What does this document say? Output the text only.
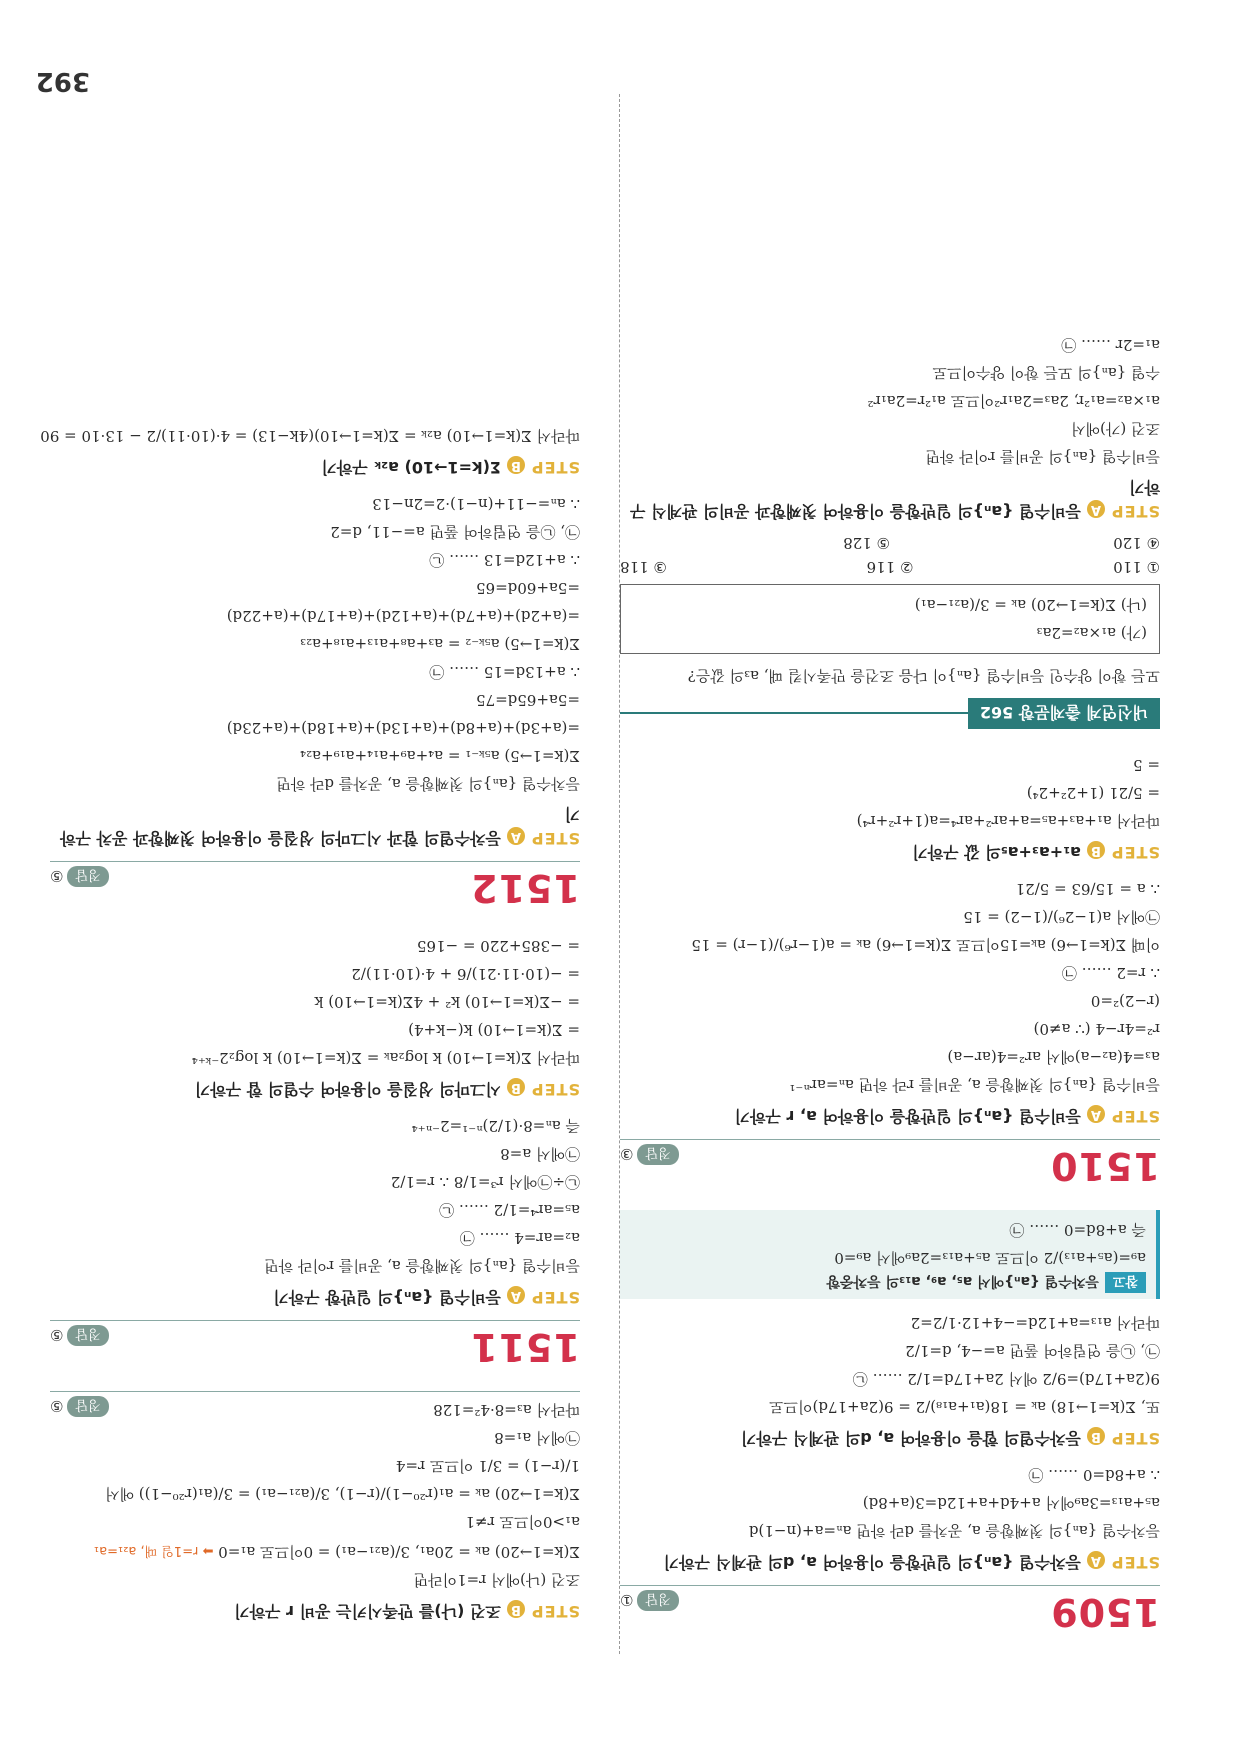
392
1509
정답①
STEPA등차수열 {aₙ}의 일반항을 이용하여 a, d의 관계식 구하기
등차수열 {aₙ}의 첫째항을 a, 공차를 d라 하면 aₙ=a+(n−1)d
a₅+a₁₃=3a₉에서 a+4d+a+12d=3(a+8d)
∴ a+8d=0 …… ㉠
STEPB등차수열의 합을 이용하여 a, d의 관계식 구하기
또, Σ(k=1→18) aₖ = 18(a₁+a₁₈)/2 = 9(2a+17d)이므로
9(2a+17d)=9/2 에서 2a+17d=1/2 …… ㉡
㉠, ㉡을 연립하여 풀면 a=−4, d=1/2
따라서 a₁₃=a+12d=−4+12·1/2=2
참고등차수열 {aₙ}에서 a₅, a₉, a₁₃의 등차중항
a₉=(a₅+a₁₃)/2 이므로 a₅+a₁₃=2a₉에서 a₉=0
즉 a+8d=0 …… ㉠
1510
정답③
STEPA등비수열 {aₙ}의 일반항을 이용하여 a, r 구하기
등비수열 {aₙ}의 첫째항을 a, 공비를 r라 하면 aₙ=arⁿ⁻¹
a₃=4(a₂−a)에서 ar²=4(ar−a)
r²=4r−4 (∵ a≠0)
(r−2)²=0
∴ r=2 …… ㉠
이때 Σ(k=1→6) aₖ=15이므로 Σ(k=1→6) aₖ = a(1−r⁶)/(1−r) = 15
㉠에서 a(1−2⁶)/(1−2) = 15
∴ a = 15/63 = 5/21
STEPBa₁+a₃+a₅의 값 구하기
따라서 a₁+a₃+a₅=a+ar²+ar⁴=a(1+r²+r⁴)
= 5/21 (1+2²+2⁴)
= 5
내신연계 출제문항 562
모든 항이 양수인 등비수열 {aₙ}이 다음 조건을 만족시킬 때, a₃의 값은?
(가) a₁×a₂=2a₃
(나) Σ(k=1→20) aₖ = 3/(a₂₁−a₁)
① 110
② 116
③ 118
④ 120
⑤ 128
STEPA등비수열 {aₙ}의 일반항을 이용하여 첫째항과 공비의 관계식 구하기
등비수열 {aₙ}의 공비를 r이라 하면
조건 (가)에서
a₁×a₂=a₁²r, 2a₃=2a₁r²이므로 a₁²r=2a₁r²
수열 {aₙ}의 모든 항이 양수이므로
a₁=2r …… ㉠
STEPB조건 (나)를 만족시키는 공비 r 구하기
조건 (나)에서 r=1이라면
Σ(k=1→20) aₖ = 20a₁, 3/(a₂₁−a₁) = 0이므로 a₁=0 ➡ r=1일 때, a₂₁=a₁
a₁>0이므로 r≠1
Σ(k=1→20) aₖ = a₁(r²⁰−1)/(r−1), 3/(a₂₁−a₁) = 3/(a₁(r²⁰−1)) 에서
1/(r−1) = 3/1 이므로 r=4
㉠에서 a₁=8
따라서 a₃=8·4²=128
정답⑤
1511
정답⑤
STEPA등비수열 {aₙ}의 일반항 구하기
등비수열 {aₙ}의 첫째항을 a, 공비를 r이라 하면
a₂=ar=4 …… ㉠
a₅=ar⁴=1/2 …… ㉡
㉡÷㉠에서 r³=1/8 ∴ r=1/2
㉠에서 a=8
즉 aₙ=8·(1/2)ⁿ⁻¹=2⁻ⁿ⁺⁴
STEPB시그마의 성질을 이용하여 수열의 합 구하기
따라서 Σ(k=1→10) k log₂aₖ = Σ(k=1→10) k log₂2⁻ᵏ⁺⁴
= Σ(k=1→10) k(−k+4)
= −Σ(k=1→10) k² + 4Σ(k=1→10) k
= −(10·11·21)/6 + 4·(10·11)/2
= −385+220 = −165
1512
정답⑤
STEPA등차수열의 합과 시그마의 성질을 이용하여 첫째항과 공차 구하기
등차수열 {aₙ}의 첫째항을 a, 공차를 d라 하면
Σ(k=1→5) a₅ₖ₋₁ = a₄+a₉+a₁₄+a₁₉+a₂₄
=(a+3d)+(a+8d)+(a+13d)+(a+18d)+(a+23d)
=5a+65d=75
∴ a+13d=15 …… ㉠
Σ(k=1→5) a₅ₖ₋₂ = a₃+a₈+a₁₃+a₁₈+a₂₃
=(a+2d)+(a+7d)+(a+12d)+(a+17d)+(a+22d)
=5a+60d=65
∴ a+12d=13 …… ㉡
㉠, ㉡을 연립하여 풀면 a=−11, d=2
∴ aₙ=−11+(n−1)·2=2n−13
STEPBΣ(k=1→10) a₂ₖ 구하기
따라서 Σ(k=1→10) a₂ₖ = Σ(k=1→10)(4k−13) = 4·(10·11)/2 − 13·10 = 90
